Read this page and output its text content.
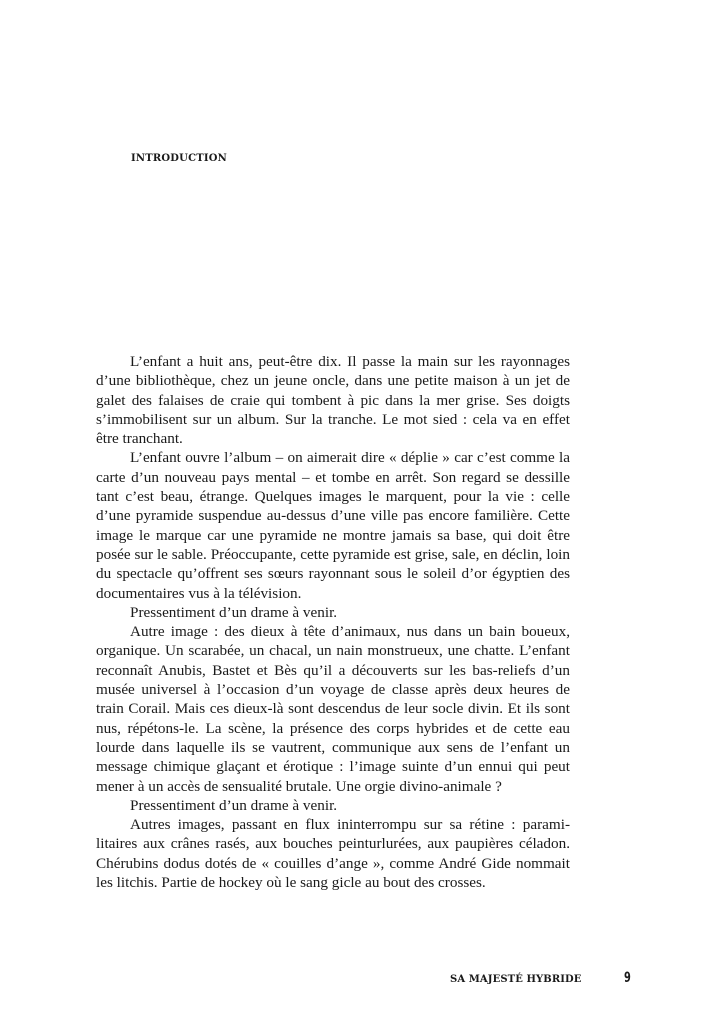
INTRODUCTION

L’enfant a huit ans, peut-être dix. Il passe la main sur les rayonnages d’une bibliothèque, chez un jeune oncle, dans une petite maison à un jet de galet des falaises de craie qui tombent à pic dans la mer grise. Ses doigts s’immobilisent sur un album. Sur la tranche. Le mot sied : cela va en effet être tranchant.

L’enfant ouvre l’album – on aimerait dire « déplie » car c’est comme la carte d’un nouveau pays mental – et tombe en arrêt. Son regard se dessille tant c’est beau, étrange. Quelques images le marquent, pour la vie : celle d’une pyramide suspendue au-dessus d’une ville pas encore familière. Cette image le marque car une pyramide ne montre jamais sa base, qui doit être posée sur le sable. Préoccupante, cette pyramide est grise, sale, en déclin, loin du spectacle qu’offrent ses sœurs rayonnant sous le soleil d’or égyptien des documentaires vus à la télévision.

Pressentiment d’un drame à venir.

Autre image : des dieux à tête d’animaux, nus dans un bain boueux, organique. Un scarabée, un chacal, un nain monstrueux, une chatte. L’enfant reconnaît Anubis, Bastet et Bès qu’il a découverts sur les bas-reliefs d’un musée universel à l’occasion d’un voyage de classe après deux heures de train Corail. Mais ces dieux-là sont descendus de leur socle divin. Et ils sont nus, répétons-le. La scène, la présence des corps hybrides et de cette eau lourde dans laquelle ils se vautrent, communique aux sens de l’enfant un message chimique glaçant et érotique : l’image suinte d’un ennui qui peut mener à un accès de sensualité brutale. Une orgie divino-animale ?

Pressentiment d’un drame à venir.

Autres images, passant en flux ininterrompu sur sa rétine : paramilitaires aux crânes rasés, aux bouches peinturlurées, aux paupières céladon. Chérubins dodus dotés de « couilles d’ange », comme André Gide nommait les litchis. Partie de hockey où le sang gicle au bout des crosses.

SA MAJESTÉ HYBRIDE	9
